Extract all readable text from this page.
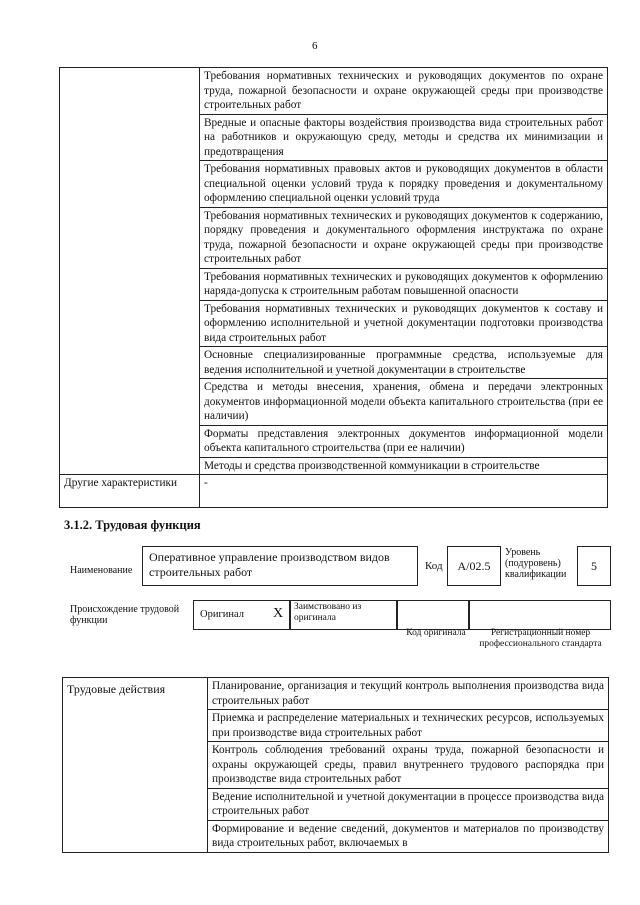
6
	Требования нормативных технических и руководящих документов по охране труда, пожарной безопасности и охране окружающей среды при производстве строительных работ
	Вредные и опасные факторы воздействия производства вида строительных работ на работников и окружающую среду, методы и средства их минимизации и предотвращения
	Требования нормативных правовых актов и руководящих документов в области специальной оценки условий труда к порядку проведения и документальному оформлению специальной оценки условий труда
	Требования нормативных технических и руководящих документов к содержанию, порядку проведения и документального оформления инструктажа по охране труда, пожарной безопасности и охране окружающей среды при производстве строительных работ
	Требования нормативных технических и руководящих документов к оформлению наряда-допуска к строительным работам повышенной опасности
	Требования нормативных технических и руководящих документов к составу и оформлению исполнительной и учетной документации подготовки производства вида строительных работ
	Основные специализированные программные средства, используемые для ведения исполнительной и учетной документации в строительстве
	Средства и методы внесения, хранения, обмена и передачи электронных документов информационной модели объекта капитального строительства (при ее наличии)
	Форматы представления электронных документов информационной модели объекта капитального строительства (при ее наличии)
	Методы и средства производственной коммуникации в строительстве
Другие характеристики	-
3.1.2. Трудовая функция
Наименование
Оперативное управление производством видов строительных работ	Код	А/02.5
Уровень (подуровень) квалификации
5
Происхождение трудовой функции
Оригинал X	Заимствовано из оригинала
Код оригинала	Регистрационный номер профессионального стандарта
Трудовые действия	Планирование, организация и текущий контроль выполнения производства вида строительных работ
Приемка и распределение материальных и технических ресурсов, используемых при производстве вида строительных работ
Контроль соблюдения требований охраны труда, пожарной безопасности и охраны окружающей среды, правил внутреннего трудового распорядка при производстве вида строительных работ
Ведение исполнительной и учетной документации в процессе производства вида строительных работ
Формирование и ведение сведений, документов и материалов по производству вида строительных работ, включаемых в
